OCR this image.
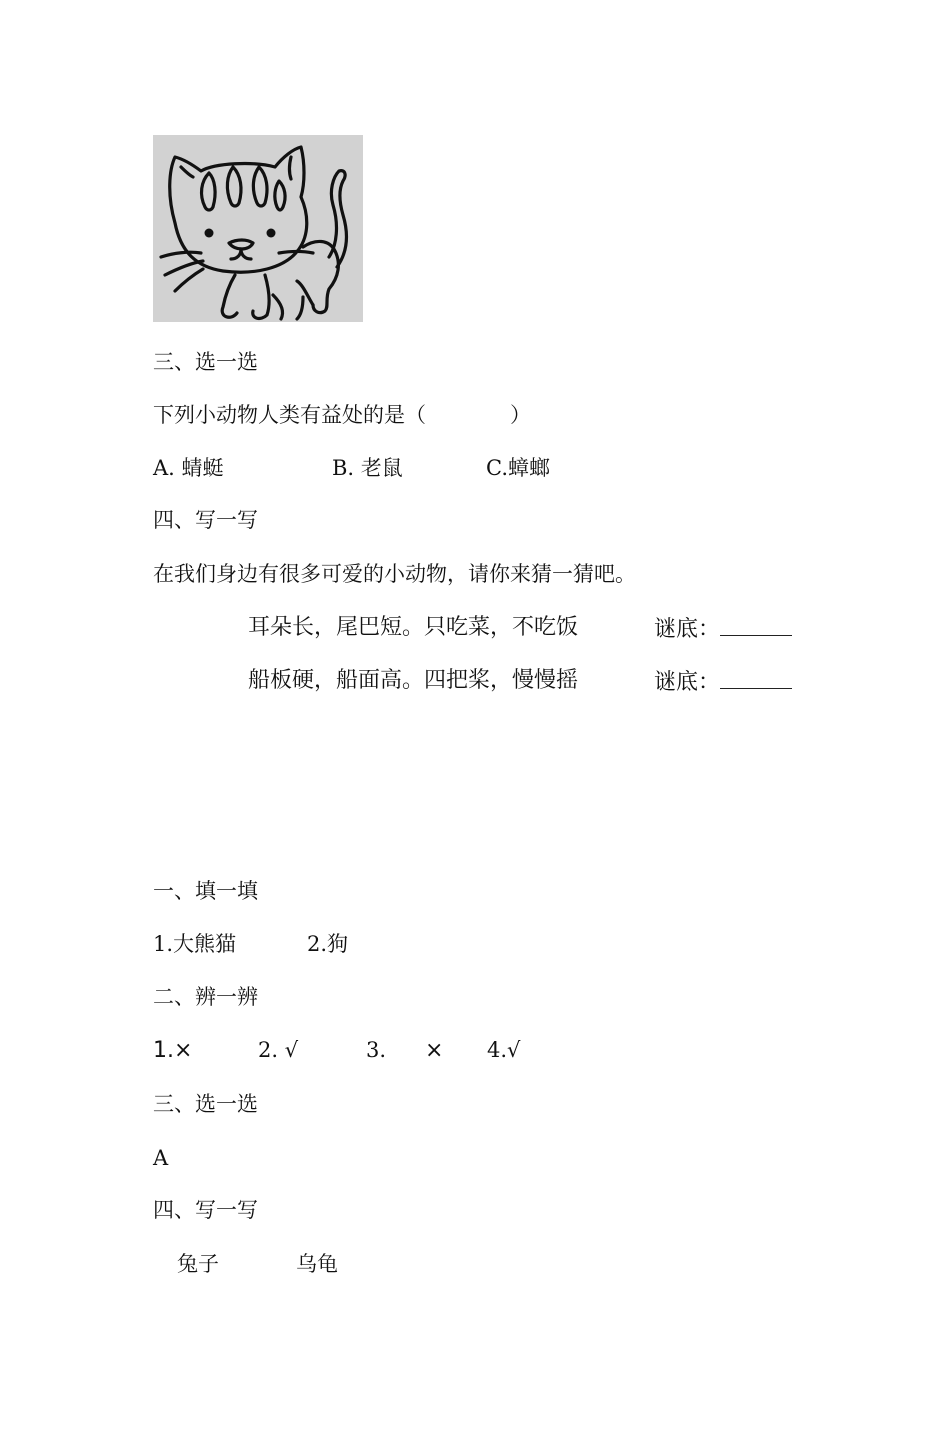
三、选一选
下列小动物人类有益处的是（　　　　）
A. 蜻蜓	B. 老鼠	C.蟑螂
四、写一写
在我们身边有很多可爱的小动物，请你来猜一猜吧。
耳朵长，尾巴短。只吃菜，不吃饭	谜底：
船板硬，船面高。四把桨，慢慢摇	谜底：
一、填一填
1.大熊猫	2.狗
二、辨一辨
1.×	2. √	3. × 4.√
三、选一选
A
四、写一写
兔子	乌龟
